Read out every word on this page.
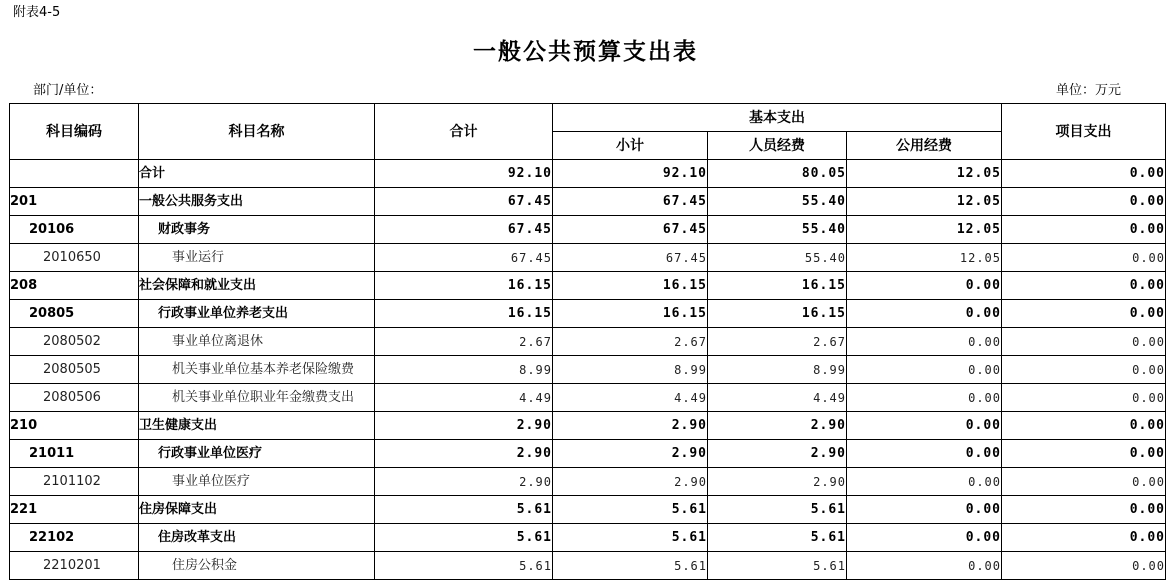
附表4-5
一般公共预算支出表
部门/单位：	单位：万元
科目编码	科目名称	合计	基本支出			项目支出
			小计	人员经费	公用经费	
	合计	92.10	92.10	80.05	12.05	0.00
201	一般公共服务支出	67.45	67.45	55.40	12.05	0.00
20106	财政事务	67.45	67.45	55.40	12.05	0.00
2010650	事业运行	67.45	67.45	55.40	12.05	0.00
208	社会保障和就业支出	16.15	16.15	16.15	0.00	0.00
20805	行政事业单位养老支出	16.15	16.15	16.15	0.00	0.00
2080502	事业单位离退休	2.67	2.67	2.67	0.00	0.00
2080505	机关事业单位基本养老保险缴费	8.99	8.99	8.99	0.00	0.00
2080506	机关事业单位职业年金缴费支出	4.49	4.49	4.49	0.00	0.00
210	卫生健康支出	2.90	2.90	2.90	0.00	0.00
21011	行政事业单位医疗	2.90	2.90	2.90	0.00	0.00
2101102	事业单位医疗	2.90	2.90	2.90	0.00	0.00
221	住房保障支出	5.61	5.61	5.61	0.00	0.00
22102	住房改革支出	5.61	5.61	5.61	0.00	0.00
2210201	住房公积金	5.61	5.61	5.61	0.00	0.00
